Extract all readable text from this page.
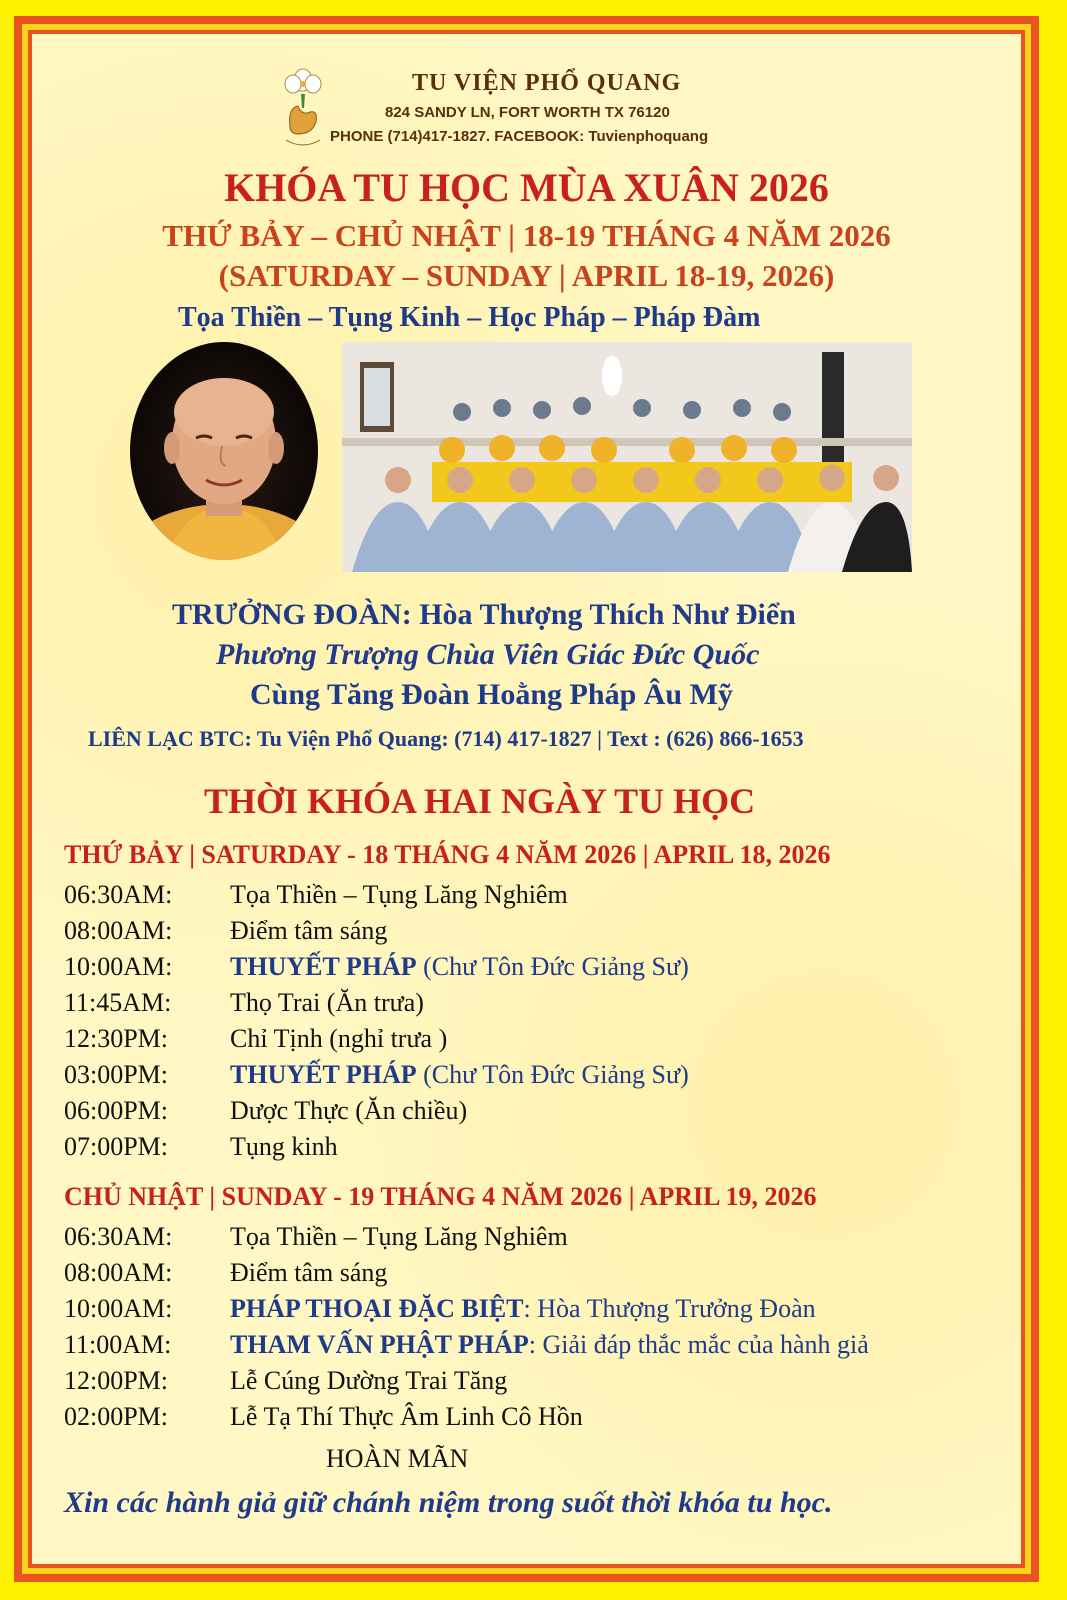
TU VIỆN PHỔ QUANG
824 SANDY LN, FORT WORTH TX 76120
PHONE (714)417-1827. FACEBOOK: Tuvienphoquang
KHÓA TU HỌC MÙA XUÂN 2026
THỨ BẢY – CHỦ NHẬT | 18-19 THÁNG 4 NĂM 2026
(SATURDAY – SUNDAY | APRIL 18-19, 2026)
Tọa Thiền – Tụng Kinh – Học Pháp – Pháp Đàm
TRƯỞNG ĐOÀN: Hòa Thượng Thích Như Điển
Phương Trượng Chùa Viên Giác Đức Quốc
Cùng Tăng Đoàn Hoằng Pháp Âu Mỹ
LIÊN LẠC BTC: Tu Viện Phổ Quang: (714) 417-1827 | Text : (626) 866-1653
THỜI KHÓA HAI NGÀY TU HỌC
THỨ BẢY | SATURDAY - 18 THÁNG 4 NĂM 2026 | APRIL 18, 2026
06:30AM: Tọa Thiền – Tụng Lăng Nghiêm
08:00AM: Điểm tâm sáng
10:00AM: THUYẾT PHÁP (Chư Tôn Đức Giảng Sư)
11:45AM: Thọ Trai (Ăn trưa)
12:30PM: Chỉ Tịnh (nghỉ trưa )
03:00PM: THUYẾT PHÁP (Chư Tôn Đức Giảng Sư)
06:00PM: Dược Thực (Ăn chiều)
07:00PM: Tụng kinh
CHỦ NHẬT | SUNDAY - 19 THÁNG 4 NĂM 2026 | APRIL 19, 2026
06:30AM: Tọa Thiền – Tụng Lăng Nghiêm
08:00AM: Điểm tâm sáng
10:00AM: PHÁP THOẠI ĐẶC BIỆT: Hòa Thượng Trưởng Đoàn
11:00AM: THAM VẤN PHẬT PHÁP: Giải đáp thắc mắc của hành giả
12:00PM: Lễ Cúng Dường Trai Tăng
02:00PM: Lễ Tạ Thí Thực Âm Linh Cô Hồn
HOÀN MÃN
Xin các hành giả giữ chánh niệm trong suốt thời khóa tu học.
